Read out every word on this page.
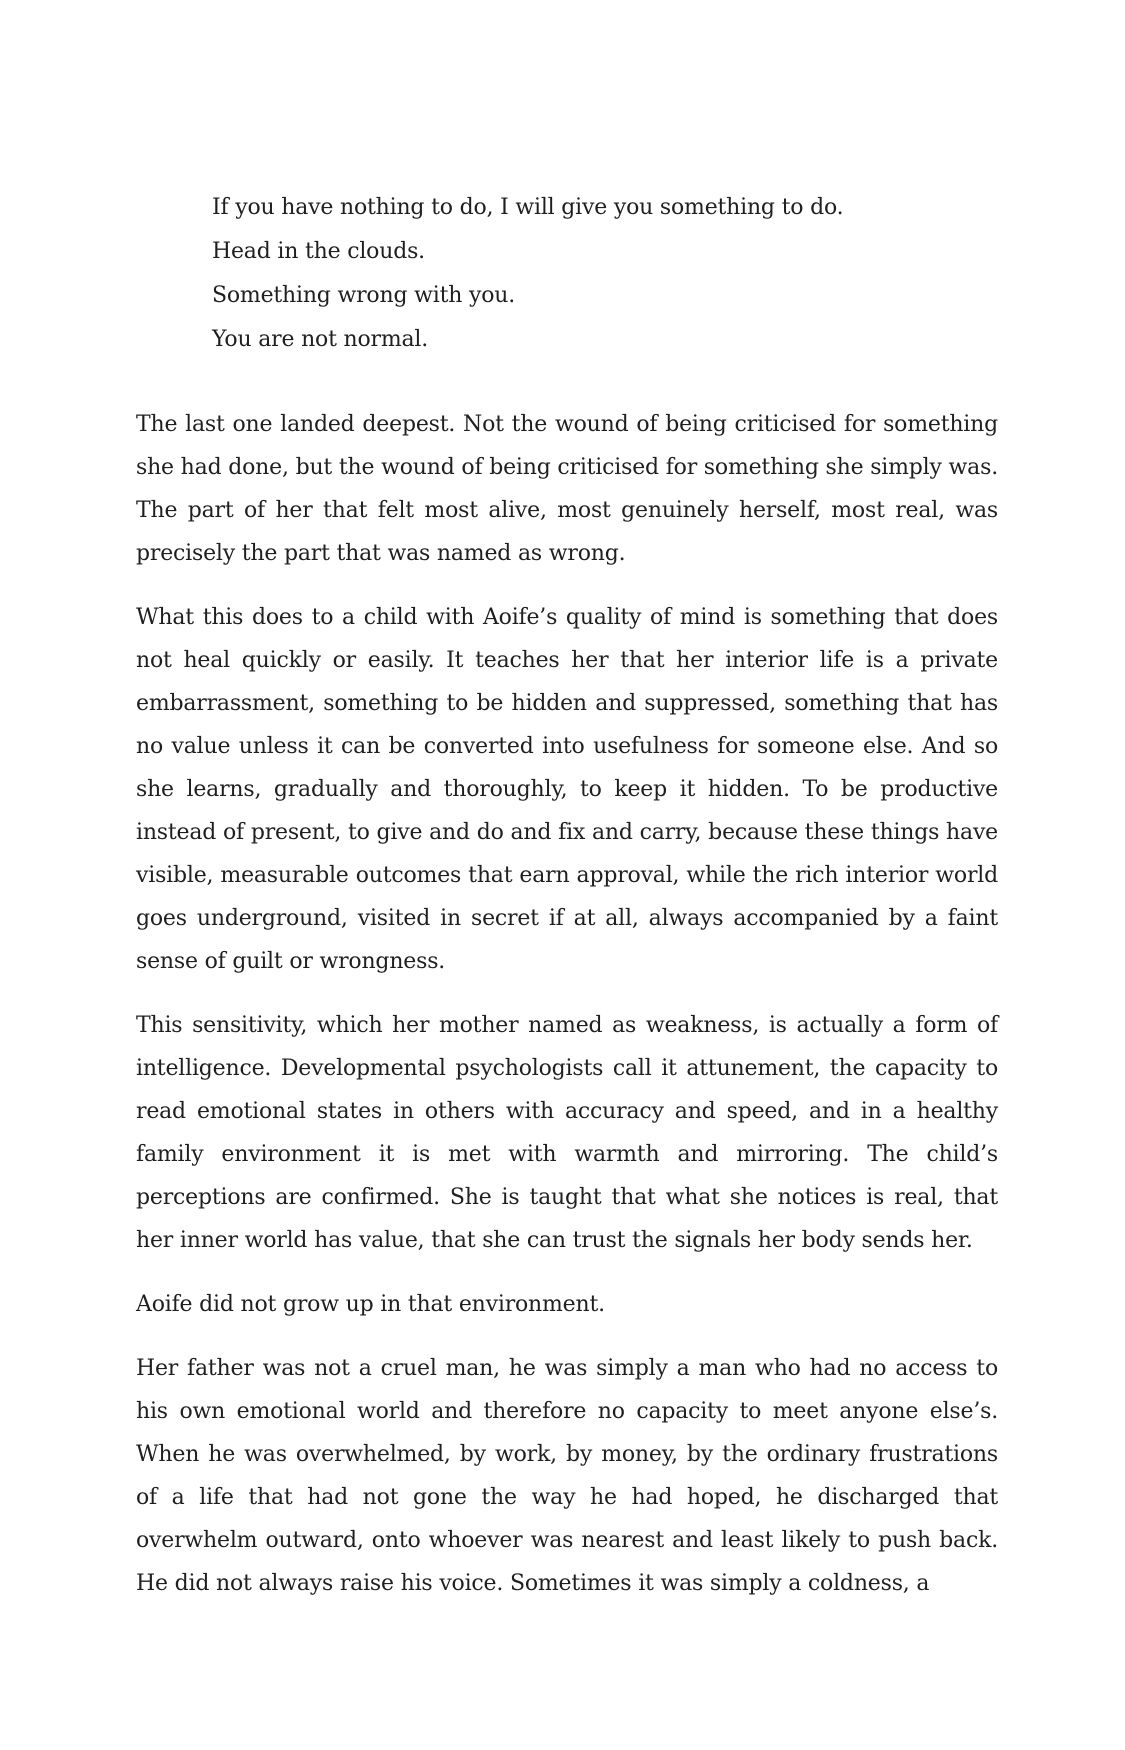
If you have nothing to do, I will give you something to do.
Head in the clouds.
Something wrong with you.
You are not normal.

The last one landed deepest. Not the wound of being criticised for something she had done, but the wound of being criticised for something she simply was. The part of her that felt most alive, most genuinely herself, most real, was precisely the part that was named as wrong.

What this does to a child with Aoife’s quality of mind is something that does not heal quickly or easily. It teaches her that her interior life is a private embarrassment, something to be hidden and suppressed, something that has no value unless it can be converted into usefulness for someone else. And so she learns, gradually and thoroughly, to keep it hidden. To be productive instead of present, to give and do and fix and carry, because these things have visible, measurable outcomes that earn approval, while the rich interior world goes underground, visited in secret if at all, always accompanied by a faint sense of guilt or wrongness.

This sensitivity, which her mother named as weakness, is actually a form of intelligence. Developmental psychologists call it attunement, the capacity to read emotional states in others with accuracy and speed, and in a healthy family environment it is met with warmth and mirroring. The child’s perceptions are confirmed. She is taught that what she notices is real, that her inner world has value, that she can trust the signals her body sends her.

Aoife did not grow up in that environment.

Her father was not a cruel man, he was simply a man who had no access to his own emotional world and therefore no capacity to meet anyone else’s. When he was overwhelmed, by work, by money, by the ordinary frustrations of a life that had not gone the way he had hoped, he discharged that overwhelm outward, onto whoever was nearest and least likely to push back. He did not always raise his voice. Sometimes it was simply a coldness, a
